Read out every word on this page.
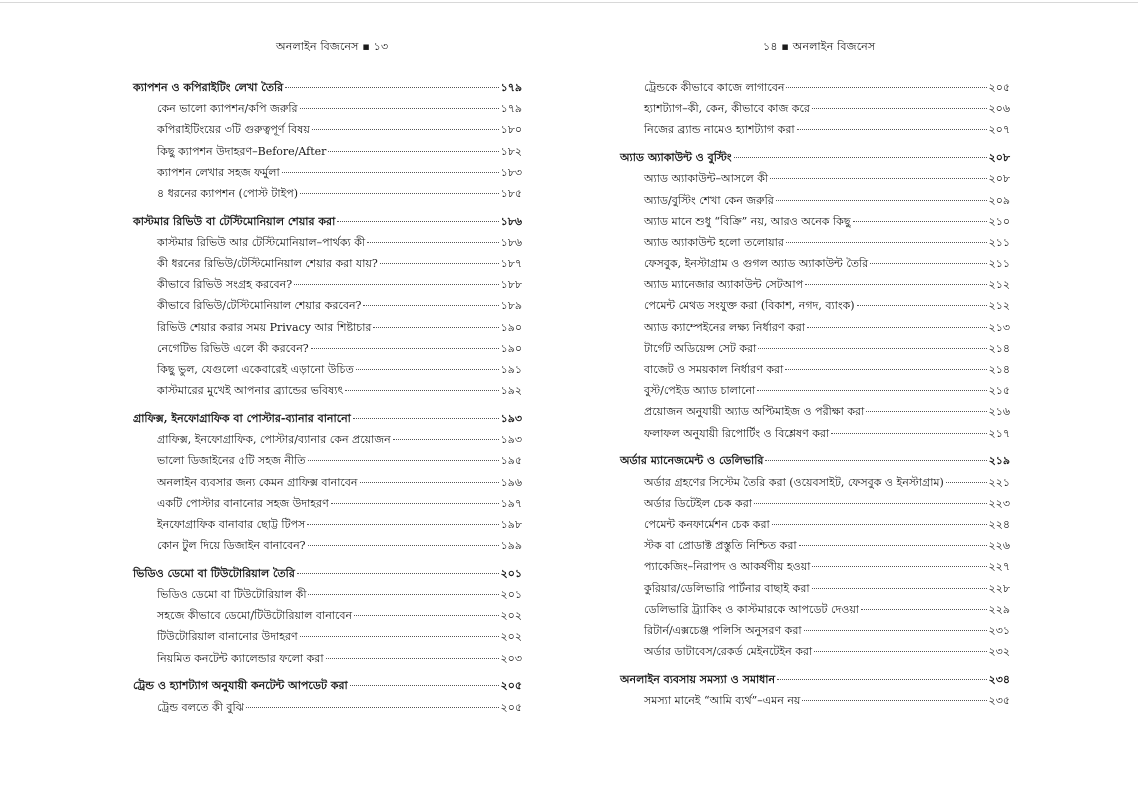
অনলাইন বিজনেস ▪ ১৩	১৪ ▪ অনলাইন বিজনেস
ক্যাপশন ও কপিরাইটিং লেখা তৈরি	১৭৯
কেন ভালো ক্যাপশন/কপি জরুরি	১৭৯
কপিরাইটিংয়ের ৩টি গুরুত্বপূর্ণ বিষয়	১৮০
কিছু ক্যাপশন উদাহরণ–Before/After	১৮২
ক্যাপশন লেখার সহজ ফর্মুলা	১৮৩
৪ ধরনের ক্যাপশন (পোস্ট টাইপ)	১৮৫
কাস্টমার রিভিউ বা টেস্টিমোনিয়াল শেয়ার করা	১৮৬
কাস্টমার রিভিউ আর টেস্টিমোনিয়াল–পার্থক্য কী	১৮৬
কী ধরনের রিভিউ/টেস্টিমোনিয়াল শেয়ার করা যায়?	১৮৭
কীভাবে রিভিউ সংগ্রহ করবেন?	১৮৮
কীভাবে রিভিউ/টেস্টিমোনিয়াল শেয়ার করবেন?	১৮৯
রিভিউ শেয়ার করার সময় Privacy আর শিষ্টাচার	১৯০
নেগেটিভ রিভিউ এলে কী করবেন?	১৯০
কিছু ভুল, যেগুলো একেবারেই এড়ানো উচিত	১৯১
কাস্টমারের মুখেই আপনার ব্র্যান্ডের ভবিষ্যৎ	১৯২
গ্রাফিক্স, ইনফোগ্রাফিক বা পোস্টার-ব্যানার বানানো	১৯৩
গ্রাফিক্স, ইনফোগ্রাফিক, পোস্টার/ব্যানার কেন প্রয়োজন	১৯৩
ভালো ডিজাইনের ৫টি সহজ নীতি	১৯৫
অনলাইন ব্যবসার জন্য কেমন গ্রাফিক্স বানাবেন	১৯৬
একটি পোস্টার বানানোর সহজ উদাহরণ	১৯৭
ইনফোগ্রাফিক বানাবার ছোট্ট টিপস	১৯৮
কোন টুল দিয়ে ডিজাইন বানাবেন?	১৯৯
ভিডিও ডেমো বা টিউটোরিয়াল তৈরি	২০১
ভিডিও ডেমো বা টিউটোরিয়াল কী	২০১
সহজে কীভাবে ডেমো/টিউটোরিয়াল বানাবেন	২০২
টিউটোরিয়াল বানানোর উদাহরণ	২০২
নিয়মিত কনটেন্ট ক্যালেন্ডার ফলো করা	২০৩
ট্রেন্ড ও হ্যাশট্যাগ অনুযায়ী কনটেন্ট আপডেট করা	২০৫
ট্রেন্ড বলতে কী বুঝি	২০৫
ট্রেন্ডকে কীভাবে কাজে লাগাবেন	২০৫
হ্যাশট্যাগ–কী, কেন, কীভাবে কাজ করে	২০৬
নিজের ব্র্যান্ড নামেও হ্যাশট্যাগ করা	২০৭
অ্যাড অ্যাকাউন্ট ও বুস্টিং	২০৮
অ্যাড অ্যাকাউন্ট–আসলে কী	২০৮
অ্যাড/বুস্টিং শেখা কেন জরুরি	২০৯
অ্যাড মানে শুধু “বিক্রি” নয়, আরও অনেক কিছু	২১০
অ্যাড অ্যাকাউন্ট হলো তলোয়ার	২১১
ফেসবুক, ইনস্টাগ্রাম ও গুগল অ্যাড অ্যাকাউন্ট তৈরি	২১১
অ্যাড ম্যানেজার অ্যাকাউন্ট সেটআপ	২১২
পেমেন্ট মেথড সংযুক্ত করা (বিকাশ, নগদ, ব্যাংক)	২১২
অ্যাড ক্যাম্পেইনের লক্ষ্য নির্ধারণ করা	২১৩
টার্গেট অডিয়েন্স সেট করা	২১৪
বাজেট ও সময়কাল নির্ধারণ করা	২১৪
বুস্ট/পেইড অ্যাড চালানো	২১৫
প্রয়োজন অনুযায়ী অ্যাড অপ্টিমাইজ ও পরীক্ষা করা	২১৬
ফলাফল অনুযায়ী রিপোর্টিং ও বিশ্লেষণ করা	২১৭
অর্ডার ম্যানেজমেন্ট ও ডেলিভারি	২১৯
অর্ডার গ্রহণের সিস্টেম তৈরি করা (ওয়েবসাইট, ফেসবুক ও ইনস্টাগ্রাম)	২২১
অর্ডার ডিটেইল চেক করা	২২৩
পেমেন্ট কনফার্মেশন চেক করা	২২৪
স্টক বা প্রোডাক্ট প্রস্তুতি নিশ্চিত করা	২২৬
প্যাকেজিং–নিরাপদ ও আকর্ষণীয় হওয়া	২২৭
কুরিয়ার/ডেলিভারি পার্টনার বাছাই করা	২২৮
ডেলিভারি ট্র্যাকিং ও কাস্টমারকে আপডেট দেওয়া	২২৯
রিটার্ন/এক্সচেঞ্জ পলিসি অনুসরণ করা	২৩১
অর্ডার ডাটাবেস/রেকর্ড মেইনটেইন করা	২৩২
অনলাইন ব্যবসায় সমস্যা ও সমাধান	২৩৪
সমস্যা মানেই “আমি ব্যর্থ”–এমন নয়	২৩৫
